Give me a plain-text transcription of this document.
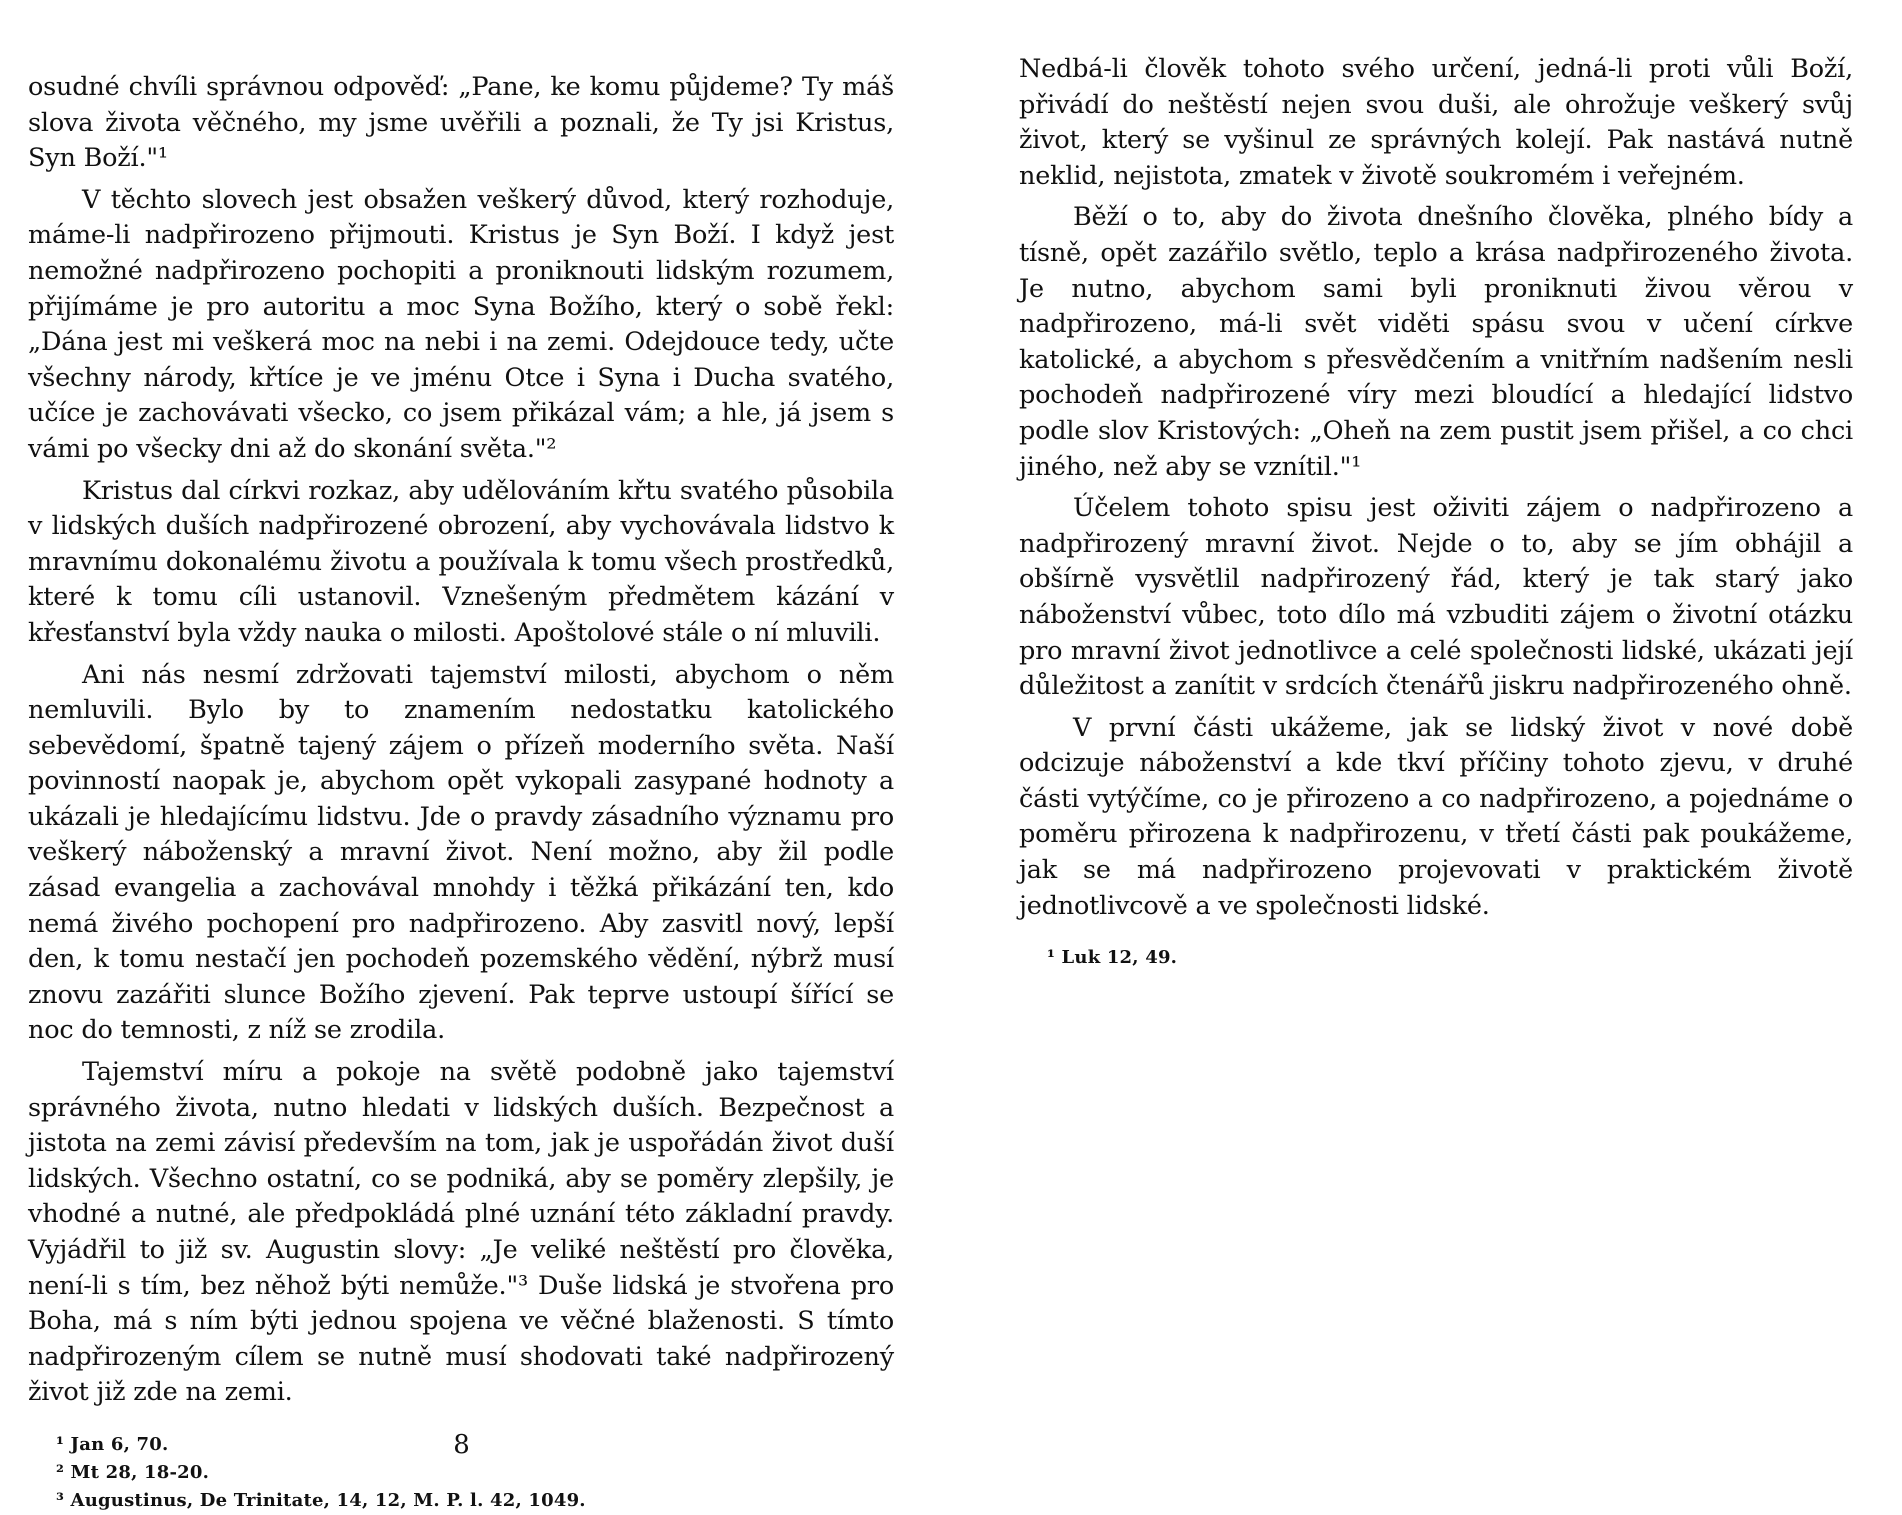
osudné chvíli správnou odpověď: „Pane, ke komu půjdeme? Ty máš slova života věčného, my jsme uvěřili a poznali, že Ty jsi Kristus, Syn Boží."¹

V těchto slovech jest obsažen veškerý důvod, který rozhoduje, máme-li nadpřirozeno přijmouti. Kristus je Syn Boží. I když jest nemožné nadpřirozeno pochopiti a proniknouti lidským rozumem, přijímáme je pro autoritu a moc Syna Božího, který o sobě řekl: „Dána jest mi veškerá moc na nebi i na zemi. Odejdouce tedy, učte všechny národy, křtíce je ve jménu Otce i Syna i Ducha svatého, učíce je zachovávati všecko, co jsem přikázal vám; a hle, já jsem s vámi po všecky dni až do skonání světa."²

Kristus dal církvi rozkaz, aby udělováním křtu svatého působila v lidských duších nadpřirozené obrození, aby vychovávala lidstvo k mravnímu dokonalému životu a používala k tomu všech prostředků, které k tomu cíli ustanovil. Vznešeným předmětem kázání v křesťanství byla vždy nauka o milosti. Apoštolové stále o ní mluvili.

Ani nás nesmí zdržovati tajemství milosti, abychom o něm nemluvili. Bylo by to znamením nedostatku katolického sebevědomí, špatně tajený zájem o přízeň moderního světa. Naší povinností naopak je, abychom opět vykopali zasypané hodnoty a ukázali je hledajícímu lidstvu. Jde o pravdy zásadního významu pro veškerý náboženský a mravní život. Není možno, aby žil podle zásad evangelia a zachovával mnohdy i těžká přikázání ten, kdo nemá živého pochopení pro nadpřirozeno. Aby zasvitl nový, lepší den, k tomu nestačí jen pochodeň pozemského vědění, nýbrž musí znovu zazářiti slunce Božího zjevení. Pak teprve ustoupí šířící se noc do temnosti, z níž se zrodila.

Tajemství míru a pokoje na světě podobně jako tajemství správného života, nutno hledati v lidských duších. Bezpečnost a jistota na zemi závisí především na tom, jak je uspořádán život duší lidských. Všechno ostatní, co se podniká, aby se poměry zlepšily, je vhodné a nutné, ale předpokládá plné uznání této základní pravdy. Vyjádřil to již sv. Augustin slovy: „Je veliké neštěstí pro člověka, není-li s tím, bez něhož býti nemůže."³ Duše lidská je stvořena pro Boha, má s ním býti jednou spojena ve věčné blaženosti. S tímto nadpřirozeným cílem se nutně musí shodovati také nadpřirozený život již zde na zemi.

¹ Jan 6, 70.
² Mt 28, 18-20.
³ Augustinus, De Trinitate, 14, 12, M. P. l. 42, 1049.
8

Nedbá-li člověk tohoto svého určení, jedná-li proti vůli Boží, přivádí do neštěstí nejen svou duši, ale ohrožuje veškerý svůj život, který se vyšinul ze správných kolejí. Pak nastává nutně neklid, nejistota, zmatek v životě soukromém i veřejném.

Běží o to, aby do života dnešního člověka, plného bídy a tísně, opět zazářilo světlo, teplo a krása nadpřirozeného života. Je nutno, abychom sami byli proniknuti živou věrou v nadpřirozeno, má-li svět viděti spásu svou v učení církve katolické, a abychom s přesvědčením a vnitřním nadšením nesli pochodeň nadpřirozené víry mezi bloudící a hledající lidstvo podle slov Kristových: „Oheň na zem pustit jsem přišel, a co chci jiného, než aby se vznítil."¹

Účelem tohoto spisu jest oživiti zájem o nadpřirozeno a nadpřirozený mravní život. Nejde o to, aby se jím obhájil a obšírně vysvětlil nadpřirozený řád, který je tak starý jako náboženství vůbec, toto dílo má vzbuditi zájem o životní otázku pro mravní život jednotlivce a celé společnosti lidské, ukázati její důležitost a zanítit v srdcích čtenářů jiskru nadpřirozeného ohně.

V první části ukážeme, jak se lidský život v nové době odcizuje náboženství a kde tkví příčiny tohoto zjevu, v druhé části vytýčíme, co je přirozeno a co nadpřirozeno, a pojednáme o poměru přirozena k nadpřirozenu, v třetí části pak poukážeme, jak se má nadpřirozeno projevovati v praktickém životě jednotlivcově a ve společnosti lidské.

¹ Luk 12, 49.
